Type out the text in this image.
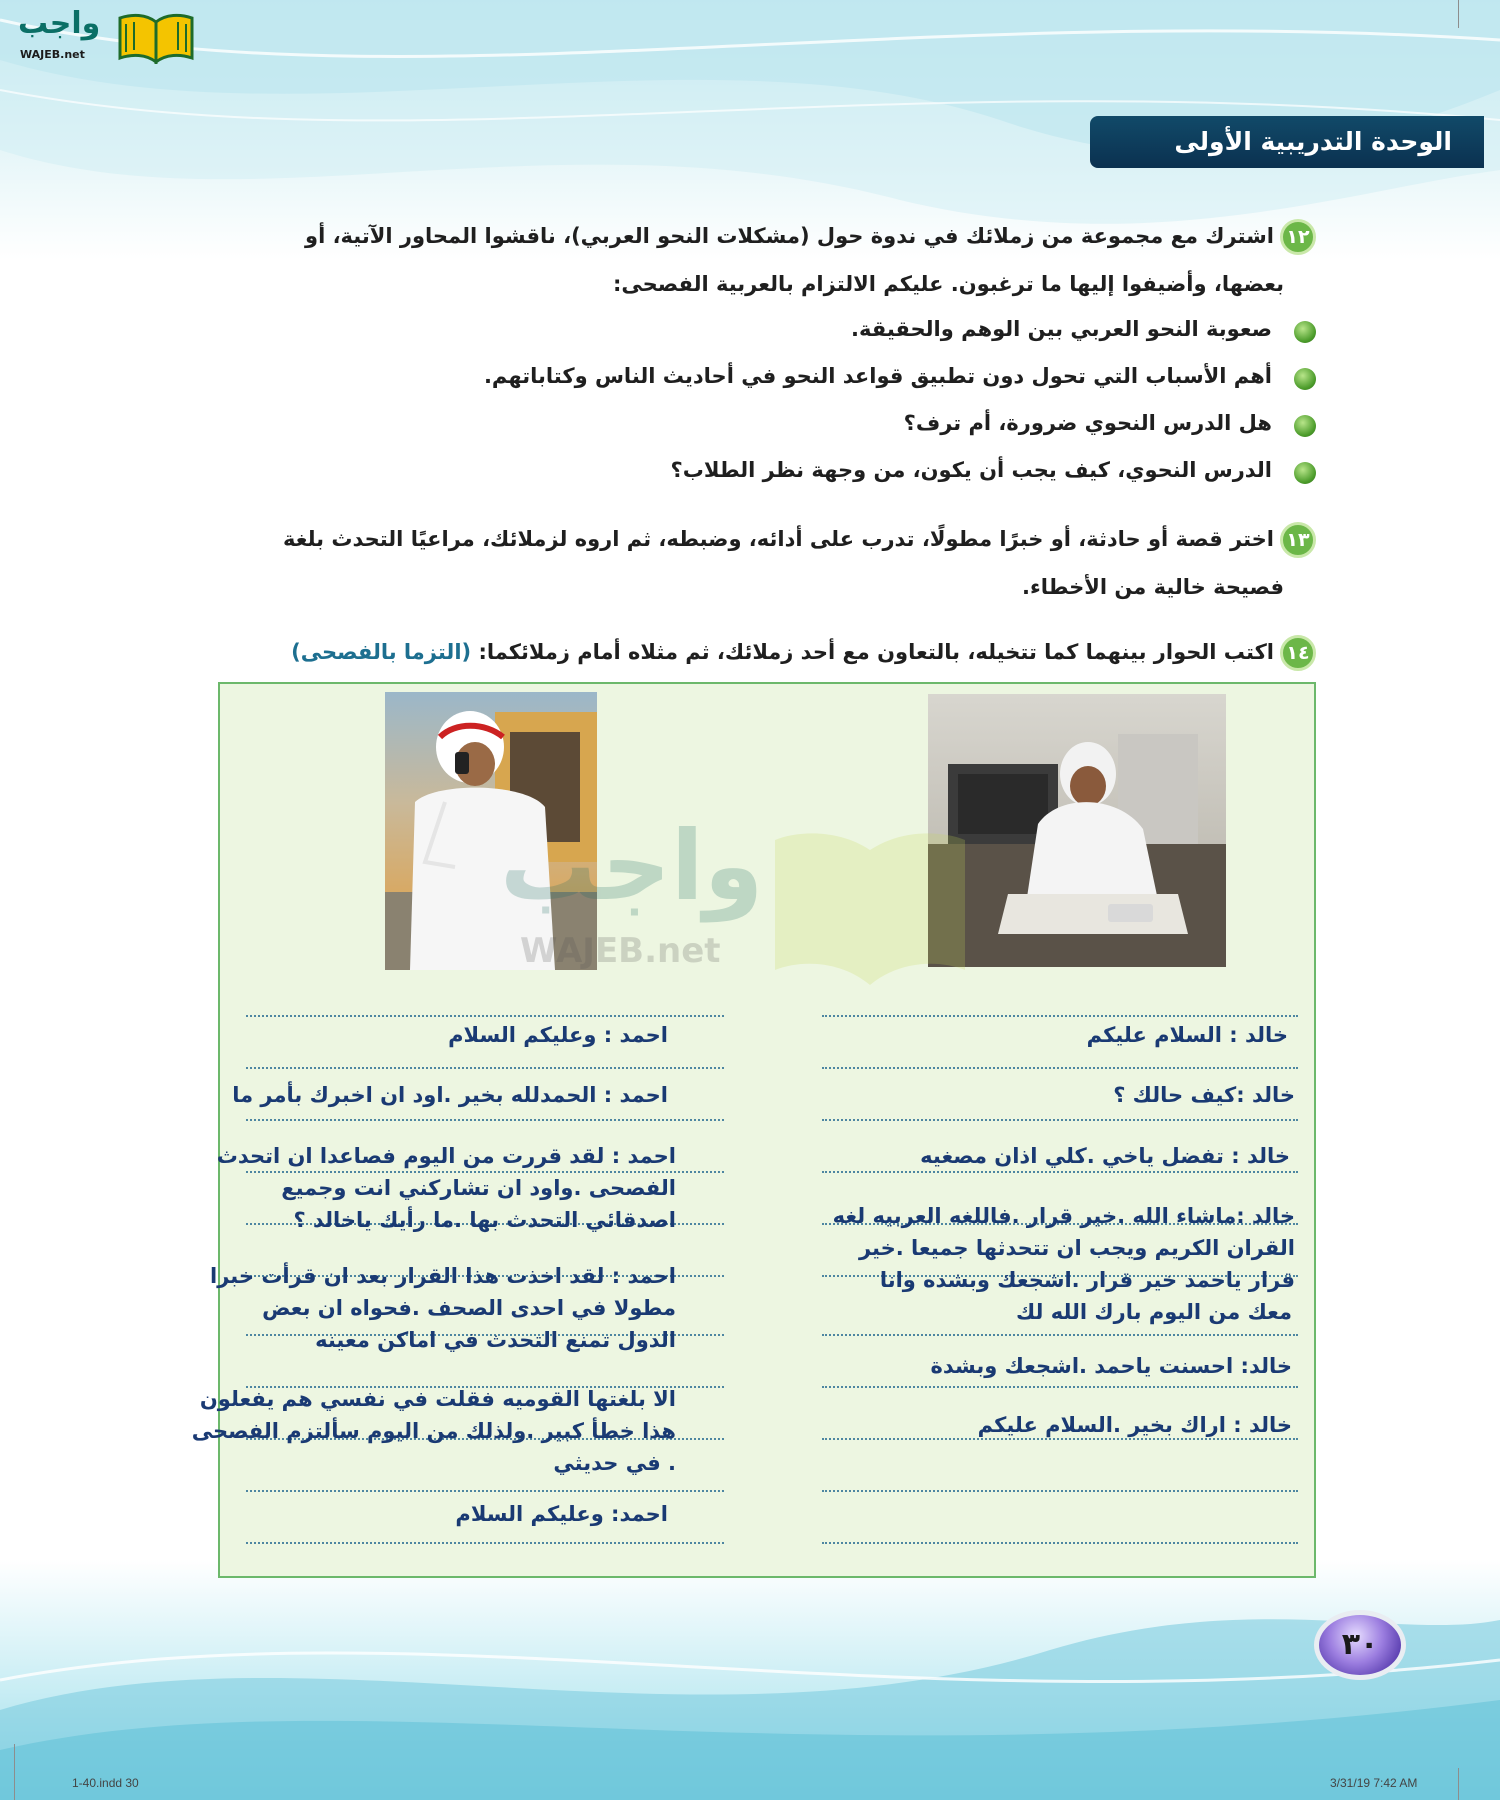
واجب
WAJEB.net
الوحدة التدريبية الأولى
١٢
اشترك مع مجموعة من زملائك في ندوة حول (مشكلات النحو العربي)، ناقشوا المحاور الآتية، أو
بعضها، وأضيفوا إليها ما ترغبون. عليكم الالتزام بالعربية الفصحى:
صعوبة النحو العربي بين الوهم والحقيقة.
أهم الأسباب التي تحول دون تطبيق قواعد النحو في أحاديث الناس وكتاباتهم.
هل الدرس النحوي ضرورة، أم ترف؟
الدرس النحوي، كيف يجب أن يكون، من وجهة نظر الطلاب؟
١٣
اختر قصة أو حادثة، أو خبرًا مطولًا، تدرب على أدائه، وضبطه، ثم اروه لزملائك، مراعيًا التحدث بلغة
فصيحة خالية من الأخطاء.
١٤
اكتب الحوار بينهما كما تتخيله، بالتعاون مع أحد زملائك، ثم مثلاه أمام زملائكما: (التزما بالفصحى)
واجب
WAJEB.net
خالد : السلام عليكم
خالد :كيف حالك ؟
خالد : تفضل ياخي .كلي اذان مصغيه
خالد :ماشاء الله .خير قرار .فاللغه العربيه لغه
القران الكريم ويجب ان تتحدثها جميعا .خير
قرار ياحمد خير قرار .اشجعك وبشده وانا
معك من اليوم بارك الله لك
خالد: احسنت ياحمد .اشجعك وبشدة
خالد : اراك بخير .السلام عليكم
احمد : وعليكم السلام
احمد : الحمدلله بخير .اود ان اخبرك بأمر ما
احمد : لقد قررت من اليوم فصاعدا ان اتحدث
الفصحى .واود ان تشاركني انت وجميع
اصدقائي التحدث بها .ما رأيك ياخالد ؟
احمد : لقد اخذت هذا القرار بعد ان قرأت خبرا
مطولا في احدى الصحف .فحواه ان بعض
الدول تمنع التحدث في اماكن معينه
الا بلغتها القوميه فقلت في نفسي هم يفعلون
هذا خطأ كبير .ولذلك من اليوم سألتزم الفصحى
. في حديثي
احمد: وعليكم السلام
٣٠
1-40.indd 30	3/31/19 7:42 AM
